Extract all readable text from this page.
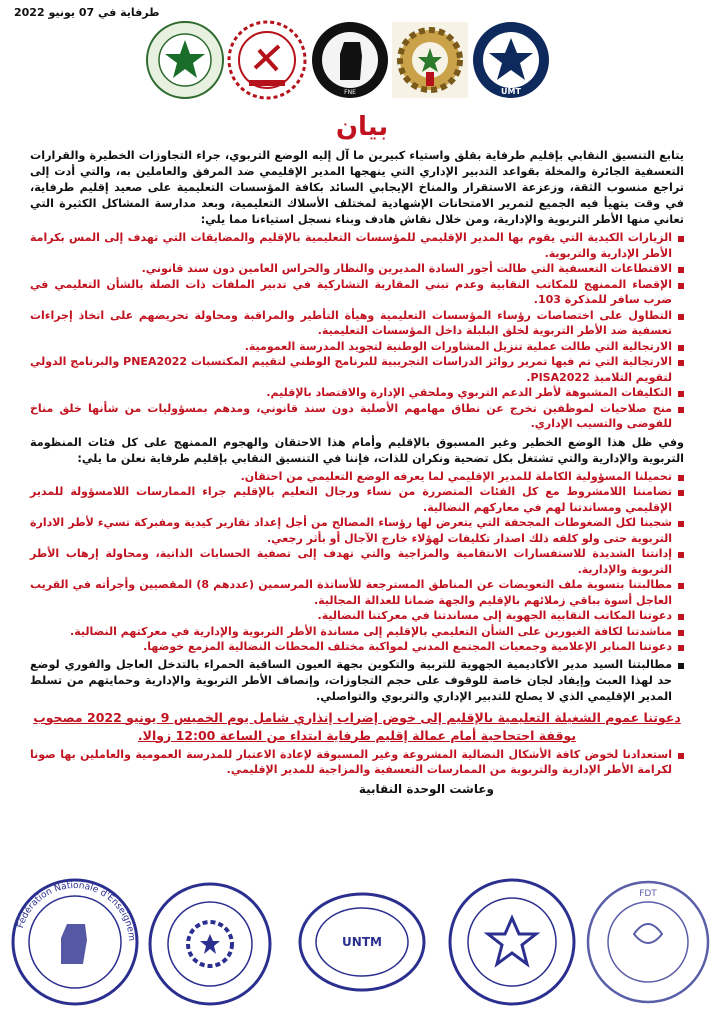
طرفاية في 07 يونيو 2022
FNE	UMT
بيان

يتابع التنسيق النقابي بإقليم طرفاية بقلق واستياء كبيرين ما آل إليه الوضع التربوي، جراء التجاوزات الخطيرة والقرارات التعسفية الجائرة والمخلة بقواعد التدبير الإداري التي ينهجها المدير الإقليمي ضد المرفق والعاملين به، والتي أدت إلى تراجع منسوب الثقة، وزعزعة الاستقرار والمناخ الإيجابي السائد بكافة المؤسسات التعليمية على صعيد إقليم طرفاية، في وقت يتهيأ فيه الجميع لتمرير الامتحانات الإشهادية لمختلف الأسلاك التعليمية، وبعد مدارسة المشاكل الكثيرة التي تعاني منها الأطر التربوية والإدارية، ومن خلال نقاش هادف وبناء نسجل استياءنا مما يلي:

الزيارات الكيدية التي يقوم بها المدير الإقليمي للمؤسسات التعليمية بالإقليم والمضايقات التي تهدف إلى المس بكرامة الأطر الإدارية والتربوية.
الاقتطاعات التعسفية التي طالت أجور السادة المديرين والنظار والحراس العامين دون سند قانوني.
الإقصاء الممنهج للمكاتب النقابية وعدم تبني المقاربة التشاركية في تدبير الملفات ذات الصلة بالشأن التعليمي في ضرب سافر للمذكرة 103.
التطاول على اختصاصات رؤساء المؤسسات التعليمية وهيأة التأطير والمراقبة ومحاولة تحريضهم على اتخاذ إجراءات تعسفية ضد الأطر التربوية لخلق البلبلة داخل المؤسسات التعليمية.
الارتجالية التي طالت عملية تنزيل المشاورات الوطنية لتجويد المدرسة العمومية.
الارتجالية التي تم فيها تمرير روائز الدراسات التجريبية للبرنامج الوطني لتقييم المكتسبات PNEA2022 والبرنامج الدولي لتقويم التلاميذ PISA2022.
التكليفات المشبوهة لأطر الدعم التربوي وملحقي الإدارة والاقتصاد بالإقليم.
منح صلاحيات لموظفين تخرج عن نطاق مهامهم الأصلية دون سند قانوني، ومدهم بمسؤوليات من شأنها خلق مناخ للفوضى والتسيب الإداري.

وفي ظل هذا الوضع الخطير وغير المسبوق بالإقليم وأمام هذا الاحتقان والهجوم الممنهج على كل فئات المنظومة التربوية والإدارية والتي تشتغل بكل تضحية ونكران للذات، فإننا في التنسيق النقابي بإقليم طرفاية نعلن ما يلي:

تحميلنا المسؤولية الكاملة للمدير الإقليمي لما يعرفه الوضع التعليمي من احتقان.
تضامننا اللامشروط مع كل الفئات المتضررة من نساء ورجال التعليم بالإقليم جراء الممارسات اللامسؤولة للمدير الإقليمي ومساندتنا لهم في معاركهم النضالية.
شجبنا لكل الضغوطات المجحفة التي يتعرض لها رؤساء المصالح من أجل إعداد تقارير كيدية ومفبركة تسيء لأطر الادارة التربوية حتى ولو كلفه ذلك اصدار تكليفات لهؤلاء خارج الآجال أو بأثر رجعي.
إدانتنا الشديدة للاستفسارات الانتقامية والمزاجية والتي تهدف إلى تصفية الحسابات الذاتية، ومحاولة إرهاب الأطر التربوية والإدارية.
مطالبتنا بتسوية ملف التعويضات عن المناطق المسترجعة للأساتذة المرسمين (عددهم 8) المقصيين وأجرأته في القريب العاجل أسوة بباقي زملائهم بالإقليم والجهة ضمانا للعدالة المجالية.
دعوتنا المكاتب النقابية الجهوية إلى مساندتنا في معركتنا النضالية.
مناشدتنا لكافة الغيورين على الشأن التعليمي بالإقليم إلى مساندة الأطر التربوية والإدارية في معركتهم النضالية.
دعوتنا المنابر الإعلامية وجمعيات المجتمع المدني لمواكبة مختلف المحطات النضالية المزمع خوضها.
مطالبتنا السيد مدير الأكاديمية الجهوية للتربية والتكوين بجهة العيون الساقية الحمراء بالتدخل العاجل والفوري لوضع حد لهذا العبث وإيفاد لجان خاصة للوقوف على حجم التجاوزات، وإنصاف الأطر التربوية والإدارية وحمايتهم من تسلط المدير الإقليمي الذي لا يصلح للتدبير الإداري والتربوي والتواصلي.
دعوتنا عموم الشغيلة التعليمية بالإقليم إلى خوض إضراب إنذاري شامل يوم الخميس 9 يونيو 2022 مصحوب بوقفة احتجاجية أمام عمالة إقليم طرفاية ابتداء من الساعة 12:00 زوالا.
استعدادنا لخوض كافة الأشكال النضالية المشروعة وغير المسبوقة لإعادة الاعتبار للمدرسة العمومية والعاملين بها صونا لكرامة الأطر الإدارية والتربوية من الممارسات التعسفية والمزاجية للمدير الإقليمي.
وعاشت الوحدة النقابية
Fédération Nationale d'Enseignem	UNTM
FDT
